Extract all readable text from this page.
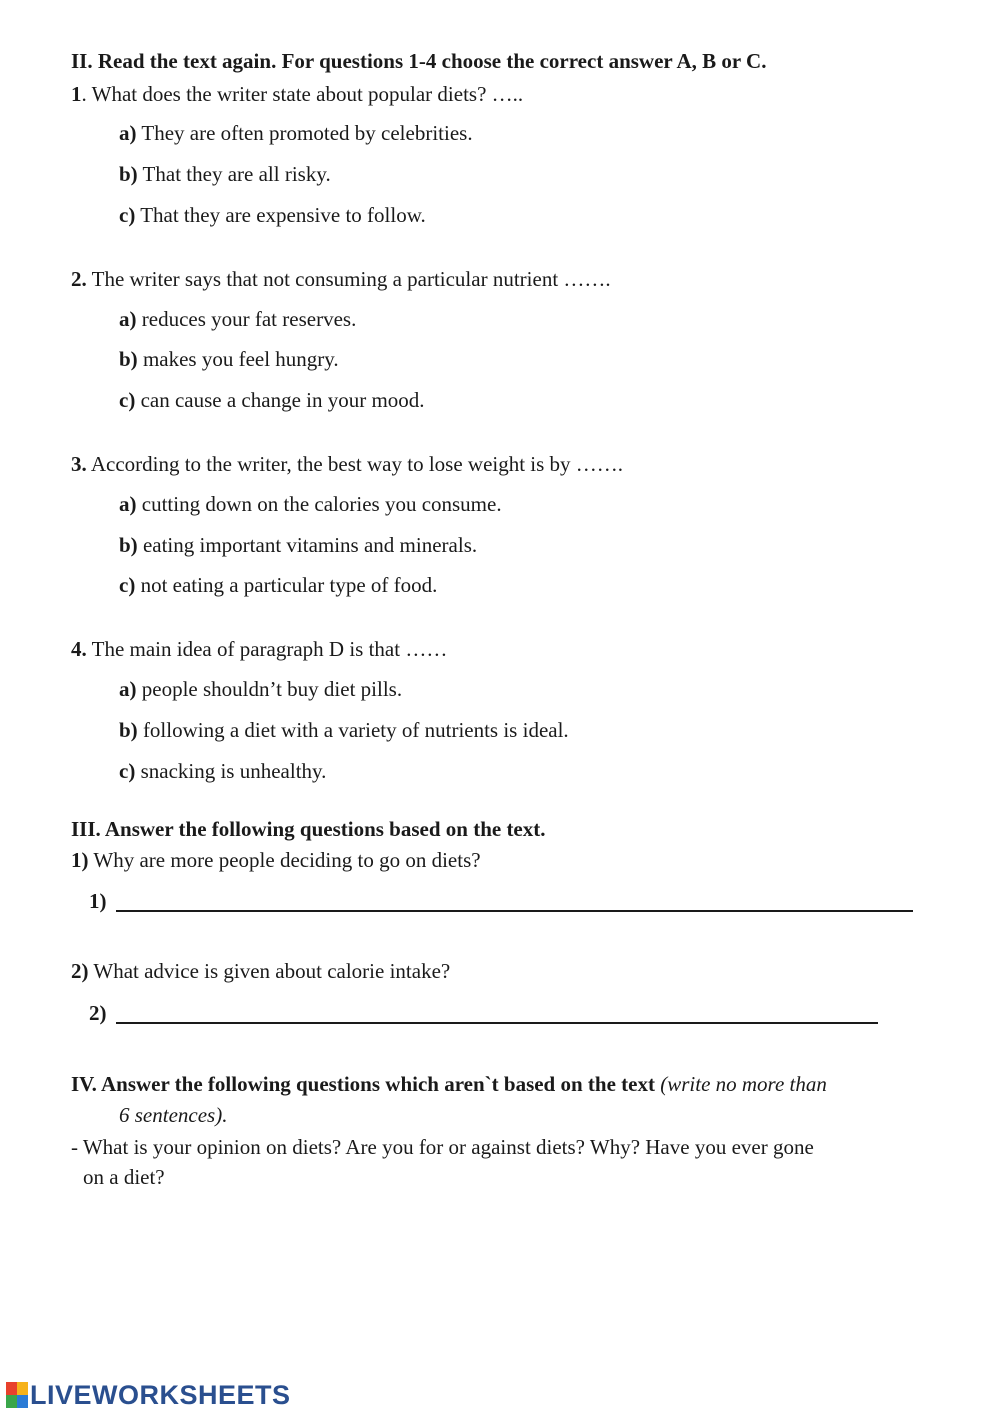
II. Read the text again. For questions 1-4 choose the correct answer A, B or C.
1. What does the writer state about popular diets? …..
a) They are often promoted by celebrities.
b) That they are all risky.
c) That they are expensive to follow.
2. The writer says that not consuming a particular nutrient …….
a) reduces your fat reserves.
b) makes you feel hungry.
c) can cause a change in your mood.
3. According to the writer, the best way to lose weight is by …….
a) cutting down on the calories you consume.
b) eating important vitamins and minerals.
c) not eating a particular type of food.
4. The main idea of paragraph D is that ……
a) people shouldn’t buy diet pills.
b) following a diet with a variety of nutrients is ideal.
c) snacking is unhealthy.
III. Answer the following questions based on the text.
1) Why are more people deciding to go on diets?
1)
2) What advice is given about calorie intake?
2)
IV. Answer the following questions which aren`t based on the text (write no more than
6 sentences).
- What is your opinion on diets? Are you for or against diets? Why? Have you ever gone
on a diet?
LIVEWORKSHEETS
